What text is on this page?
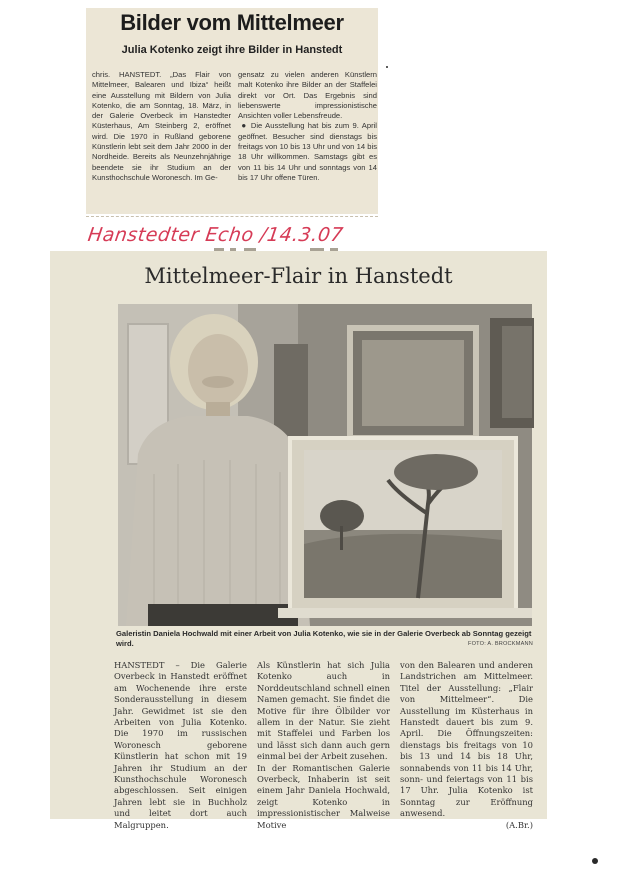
Bilder vom Mittelmeer
Julia Kotenko zeigt ihre Bilder in Hanstedt

chris. HANSTEDT. „Das Flair von Mittelmeer, Balearen und Ibiza“ heißt eine Ausstellung mit Bildern von Julia Kotenko, die am Sonntag, 18. März, in der Galerie Overbeck im Hanstedter Küsterhaus, Am Steinberg 2, eröffnet wird. Die 1970 in Rußland geborene Künstlerin lebt seit dem Jahr 2000 in der Nordheide. Bereits als Neunzehnjährige beendete sie ihr Studium an der Kunsthochschule Woronesch. Im Ge-

gensatz zu vielen anderen Künstlern malt Kotenko ihre Bilder an der Staffelei direkt vor Ort. Das Ergebnis sind liebenswerte impressionistische Ansichten voller Lebensfreude.

● Die Ausstellung hat bis zum 9. April geöffnet. Besucher sind dienstags bis freitags von 10 bis 13 Uhr und von 14 bis 18 Uhr willkommen. Samstags gibt es von 11 bis 14 Uhr und sonntags von 14 bis 17 Uhr offene Türen.

Hanstedter Echo /14.3.07
Mittelmeer-Flair in Hanstedt
Galeristin Daniela Hochwald mit einer Arbeit von Julia Kotenko, wie sie in der Galerie Overbeck ab Sonntag gezeigt wird.	FOTO: A. BROCKMANN

HANSTEDT – Die Galerie Overbeck in Hanstedt eröffnet am Wochenende ihre erste Sonderausstellung in diesem Jahr. Gewidmet ist sie den Arbeiten von Julia Kotenko. Die 1970 im russischen Woronesch geborene Künstlerin hat schon mit 19 Jahren ihr Studium an der Kunsthochschule Woronesch abgeschlossen. Seit einigen Jahren lebt sie in Buchholz und leitet dort auch Malgruppen.

Als Künstlerin hat sich Julia Kotenko auch in Norddeutschland schnell einen Namen gemacht. Sie findet die Motive für ihre Ölbilder vor allem in der Natur. Sie zieht mit Staffelei und Farben los und lässt sich dann auch gern einmal bei der Arbeit zusehen.

In der Romantischen Galerie Overbeck, Inhaberin ist seit einem Jahr Daniela Hochwald, zeigt Kotenko in impressionistischer Malweise Motive

von den Balearen und anderen Landstrichen am Mittelmeer. Titel der Ausstellung: „Flair von Mittelmeer“. Die Ausstellung im Küsterhaus in Hanstedt dauert bis zum 9. April. Die Öffnungszeiten: dienstags bis freitags von 10 bis 13 und 14 bis 18 Uhr, sonnabends von 11 bis 14 Uhr, sonn- und feiertags von 11 bis 17 Uhr. Julia Kotenko ist Sonntag zur Eröffnung anwesend.

(A.Br.)
